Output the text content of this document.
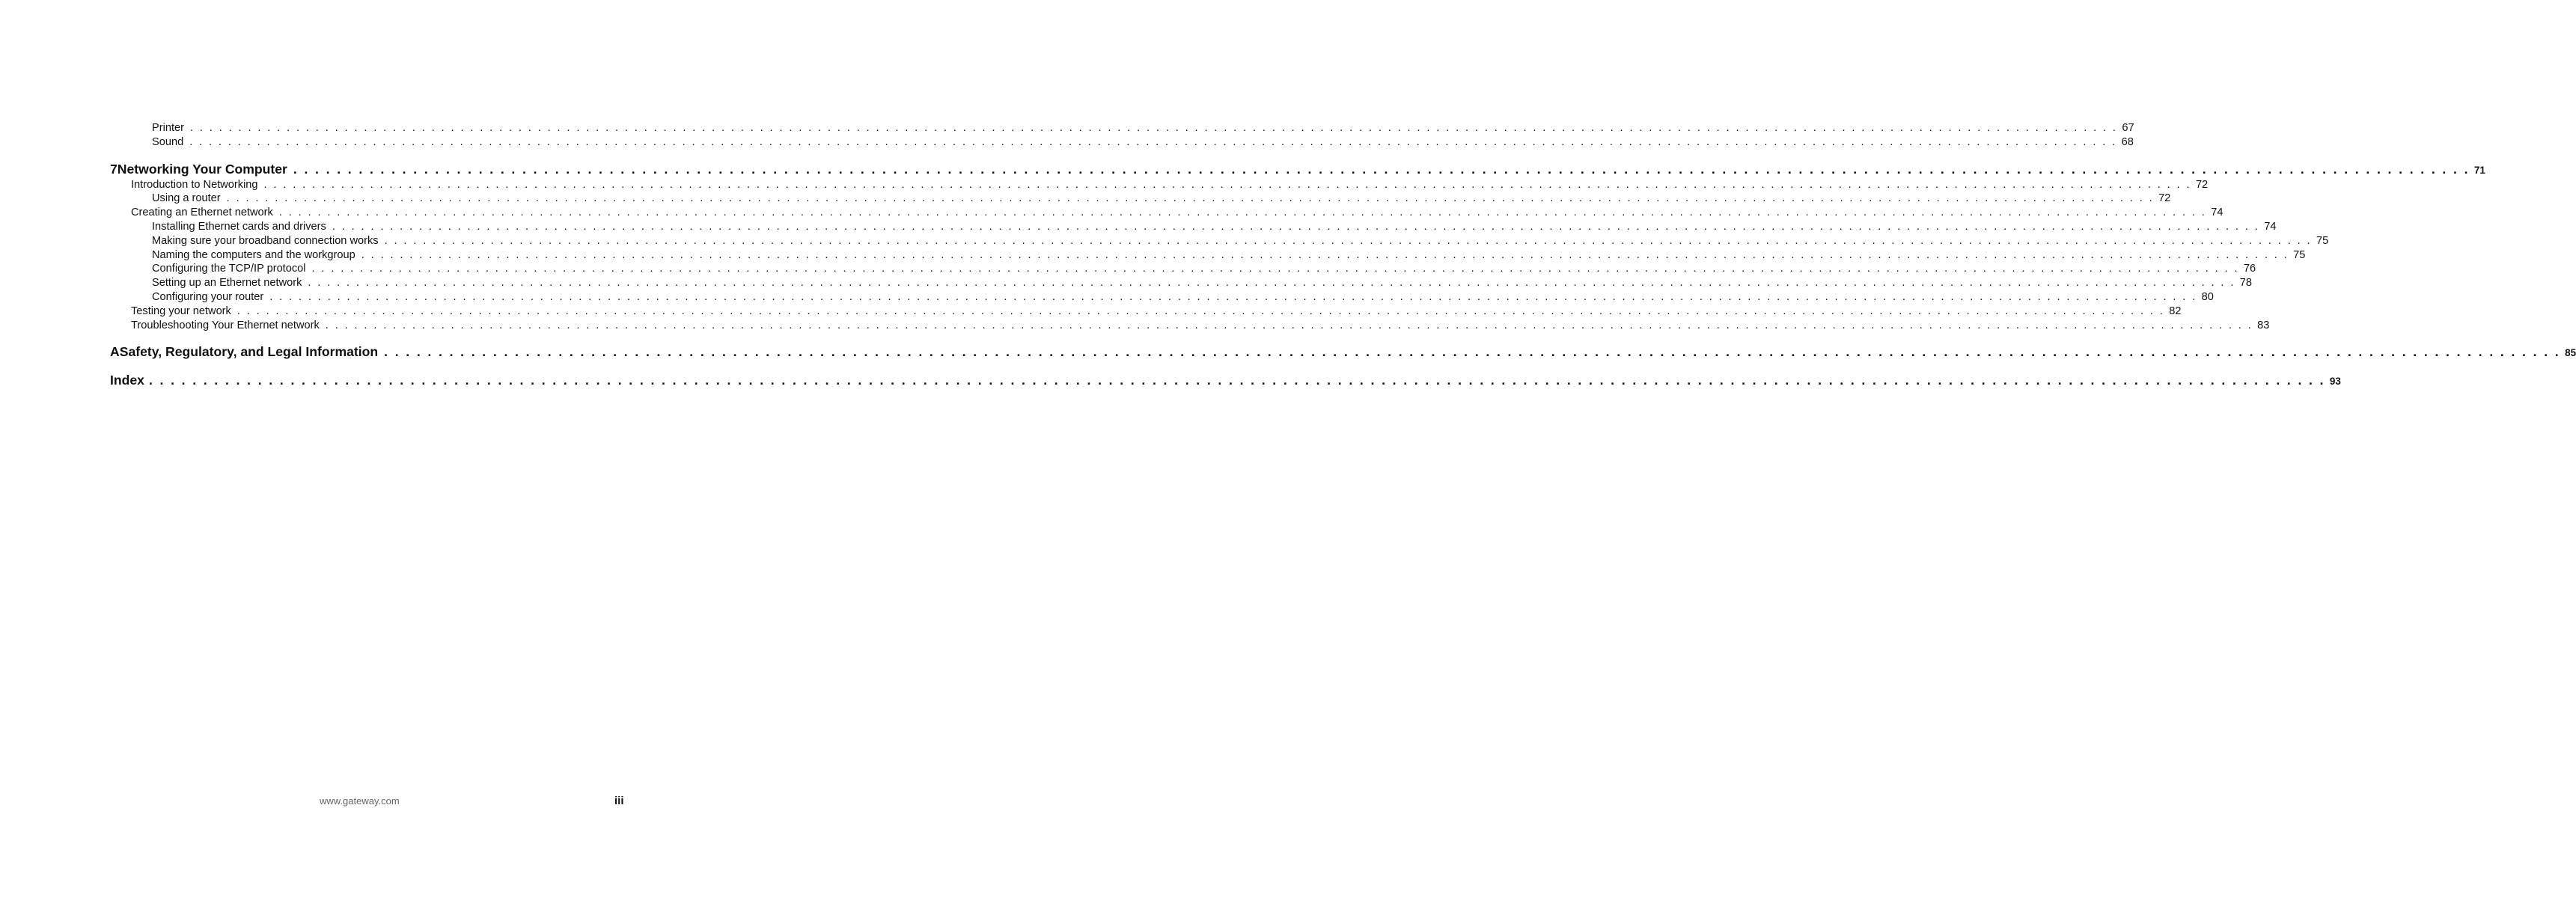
Printer . . . . . . . . . . . . . . . . . . . . . . . . . . . . . . . . . . . . . . . . . . . . . . . . . . . . . . . . . . . . . . . . . . . . . . . . . . . . . . . . . . . . . . . . . . . . . . . . . . . . . . . . . . . . . . . . . . . . . . . . . . . . . . . . . . . . . . . . . . . . . . . . . . . . . . . . . . . . . . . . . . . . . . . . . . . . . . . . . . . . . . . . . . . . . . . . . . . . . . . . 67
Sound . . . . . . . . . . . . . . . . . . . . . . . . . . . . . . . . . . . . . . . . . . . . . . . . . . . . . . . . . . . . . . . . . . . . . . . . . . . . . . . . . . . . . . . . . . . . . . . . . . . . . . . . . . . . . . . . . . . . . . . . . . . . . . . . . . . . . . . . . . . . . . . . . . . . . . . . . . . . . . . . . . . . . . . . . . . . . . . . . . . . . . . . . . . . . . . . . . . . . . . . 68
7 Networking Your Computer . . . . . . . . . . . . . . . . . . . . . . . . . . . . . . . . . . . . . . . . . . . . . . . . . . . . . . . . . . . . . . . . . . . . . . . . . . . . . . . . . . . . . . . . . . . . . . . . . . . . . . . . . . . . . . . . . . . . . . . . . . . . . . . . . . . . . . . . . . . . . . . . . . . . . . . . . . . . . . . . . . . . . . . . . . . . . . . . . . . . . . . . . . . . . . . . . . . . . . . . 71
Introduction to Networking . . . . . . . . . . . . . . . . . . . . . . . . . . . . . . . . . . . . . . . . . . . . . . . . . . . . . . . . . . . . . . . . . . . . . . . . . . . . . . . . . . . . . . . . . . . . . . . . . . . . . . . . . . . . . . . . . . . . . . . . . . . . . . . . . . . . . . . . . . . . . . . . . . . . . . . . . . . . . . . . . . . . . . . . . . . . . . . . . . . . . . . . . . . . . . . . . . . . . . . . 72
Using a router . . . . . . . . . . . . . . . . . . . . . . . . . . . . . . . . . . . . . . . . . . . . . . . . . . . . . . . . . . . . . . . . . . . . . . . . . . . . . . . . . . . . . . . . . . . . . . . . . . . . . . . . . . . . . . . . . . . . . . . . . . . . . . . . . . . . . . . . . . . . . . . . . . . . . . . . . . . . . . . . . . . . . . . . . . . . . . . . . . . . . . . . . . . . . . . . . . . . . . . . 72
Creating an Ethernet network . . . . . . . . . . . . . . . . . . . . . . . . . . . . . . . . . . . . . . . . . . . . . . . . . . . . . . . . . . . . . . . . . . . . . . . . . . . . . . . . . . . . . . . . . . . . . . . . . . . . . . . . . . . . . . . . . . . . . . . . . . . . . . . . . . . . . . . . . . . . . . . . . . . . . . . . . . . . . . . . . . . . . . . . . . . . . . . . . . . . . . . . . . . . . . . . . . . . . . . . 74
Installing Ethernet cards and drivers . . . . . . . . . . . . . . . . . . . . . . . . . . . . . . . . . . . . . . . . . . . . . . . . . . . . . . . . . . . . . . . . . . . . . . . . . . . . . . . . . . . . . . . . . . . . . . . . . . . . . . . . . . . . . . . . . . . . . . . . . . . . . . . . . . . . . . . . . . . . . . . . . . . . . . . . . . . . . . . . . . . . . . . . . . . . . . . . . . . . . . . . . . . . . . . . . . . . . . . . 74
Making sure your broadband connection works . . . . . . . . . . . . . . . . . . . . . . . . . . . . . . . . . . . . . . . . . . . . . . . . . . . . . . . . . . . . . . . . . . . . . . . . . . . . . . . . . . . . . . . . . . . . . . . . . . . . . . . . . . . . . . . . . . . . . . . . . . . . . . . . . . . . . . . . . . . . . . . . . . . . . . . . . . . . . . . . . . . . . . . . . . . . . . . . . . . . . . . . . . . . . . . . . . . . . . . . 75
Naming the computers and the workgroup . . . . . . . . . . . . . . . . . . . . . . . . . . . . . . . . . . . . . . . . . . . . . . . . . . . . . . . . . . . . . . . . . . . . . . . . . . . . . . . . . . . . . . . . . . . . . . . . . . . . . . . . . . . . . . . . . . . . . . . . . . . . . . . . . . . . . . . . . . . . . . . . . . . . . . . . . . . . . . . . . . . . . . . . . . . . . . . . . . . . . . . . . . . . . . . . . . . . . . . . 75
Configuring the TCP/IP protocol . . . . . . . . . . . . . . . . . . . . . . . . . . . . . . . . . . . . . . . . . . . . . . . . . . . . . . . . . . . . . . . . . . . . . . . . . . . . . . . . . . . . . . . . . . . . . . . . . . . . . . . . . . . . . . . . . . . . . . . . . . . . . . . . . . . . . . . . . . . . . . . . . . . . . . . . . . . . . . . . . . . . . . . . . . . . . . . . . . . . . . . . . . . . . . . . . . . . . . . . 76
Setting up an Ethernet network . . . . . . . . . . . . . . . . . . . . . . . . . . . . . . . . . . . . . . . . . . . . . . . . . . . . . . . . . . . . . . . . . . . . . . . . . . . . . . . . . . . . . . . . . . . . . . . . . . . . . . . . . . . . . . . . . . . . . . . . . . . . . . . . . . . . . . . . . . . . . . . . . . . . . . . . . . . . . . . . . . . . . . . . . . . . . . . . . . . . . . . . . . . . . . . . . . . . . . . . 78
Configuring your router . . . . . . . . . . . . . . . . . . . . . . . . . . . . . . . . . . . . . . . . . . . . . . . . . . . . . . . . . . . . . . . . . . . . . . . . . . . . . . . . . . . . . . . . . . . . . . . . . . . . . . . . . . . . . . . . . . . . . . . . . . . . . . . . . . . . . . . . . . . . . . . . . . . . . . . . . . . . . . . . . . . . . . . . . . . . . . . . . . . . . . . . . . . . . . . . . . . . . . . . 80
Testing your network . . . . . . . . . . . . . . . . . . . . . . . . . . . . . . . . . . . . . . . . . . . . . . . . . . . . . . . . . . . . . . . . . . . . . . . . . . . . . . . . . . . . . . . . . . . . . . . . . . . . . . . . . . . . . . . . . . . . . . . . . . . . . . . . . . . . . . . . . . . . . . . . . . . . . . . . . . . . . . . . . . . . . . . . . . . . . . . . . . . . . . . . . . . . . . . . . . . . . . . . 82
Troubleshooting Your Ethernet network . . . . . . . . . . . . . . . . . . . . . . . . . . . . . . . . . . . . . . . . . . . . . . . . . . . . . . . . . . . . . . . . . . . . . . . . . . . . . . . . . . . . . . . . . . . . . . . . . . . . . . . . . . . . . . . . . . . . . . . . . . . . . . . . . . . . . . . . . . . . . . . . . . . . . . . . . . . . . . . . . . . . . . . . . . . . . . . . . . . . . . . . . . . . . . . . . . . . . . . . 83
A Safety, Regulatory, and Legal Information . . . . . . . . . . . . . . . . . . . . . . . . . . . . . . . . . . . . . . . . . . . . . . . . . . . . . . . . . . . . . . . . . . . . . . . . . . . . . . . . . . . . . . . . . . . . . . . . . . . . . . . . . . . . . . . . . . . . . . . . . . . . . . . . . . . . . . . . . . . . . . . . . . . . . . . . . . . . . . . . . . . . . . . . . . . . . . . . . . . . . . . . . . . . . . . . . . . . . . . . 85
Index . . . . . . . . . . . . . . . . . . . . . . . . . . . . . . . . . . . . . . . . . . . . . . . . . . . . . . . . . . . . . . . . . . . . . . . . . . . . . . . . . . . . . . . . . . . . . . . . . . . . . . . . . . . . . . . . . . . . . . . . . . . . . . . . . . . . . . . . . . . . . . . . . . . . . . . . . . . . . . . . . . . . . . . . . . . . . . . . . . . . . . . . . . . . . . . . . . . . . . . . 93
www.gateway.com	iii
